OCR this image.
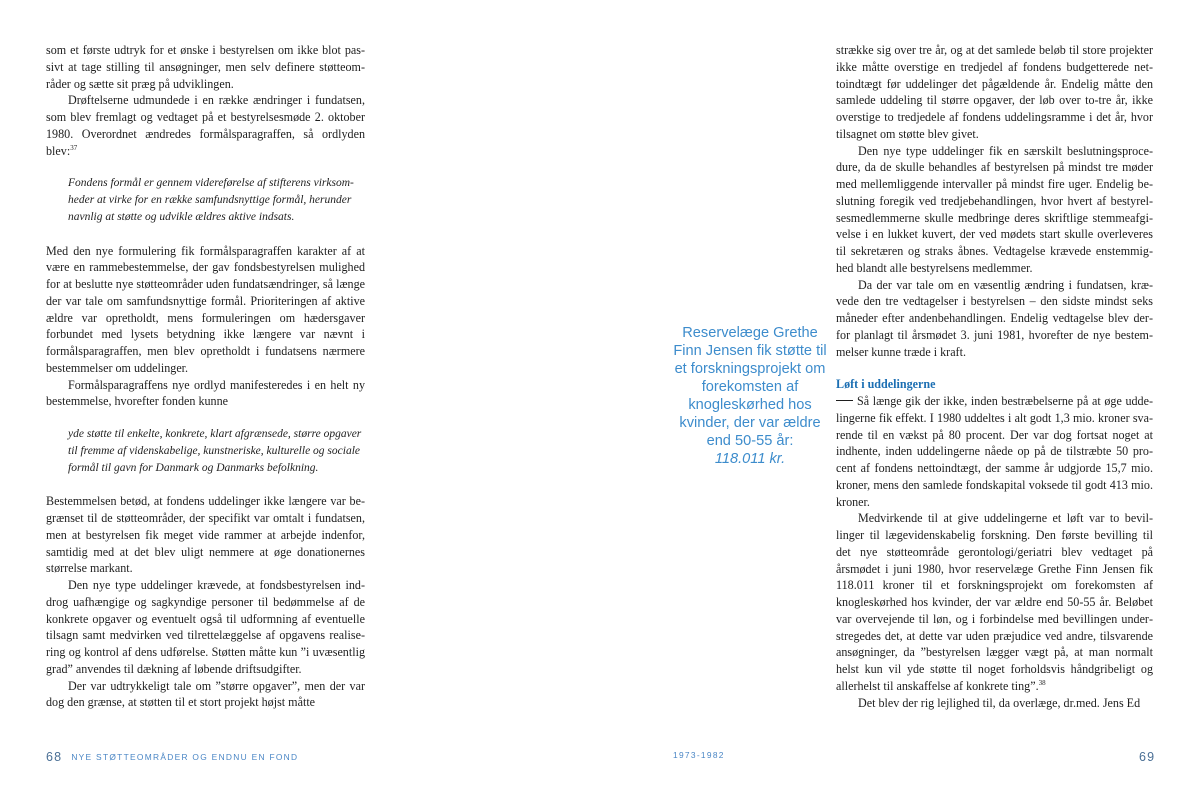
som et første udtryk for et ønske i bestyrelsen om ikke blot passivt at tage stilling til ansøgninger, men selv definere støtteområder og sætte sit præg på udviklingen.

Drøftelserne udmundede i en række ændringer i fundatsen, som blev fremlagt og vedtaget på et bestyrelsesmøde 2. oktober 1980. Overordnet ændredes formålsparagraffen, så ordlyden blev:$^{37}$

Fondens formål er gennem videreførelse af stifterens virksomheder at virke for en række samfundsnyttige formål, herunder navnlig at støtte og udvikle ældres aktive indsats.

Med den nye formulering fik formålsparagraffen karakter af at være en rammebestemmelse, der gav fondsbestyrelsen mulighed for at beslutte nye støtteområder uden fundatsændringer, så længe der var tale om samfundsnyttige formål. Prioriteringen af aktive ældre var opretholdt, mens formuleringen om hædersgaver forbundet med lysets betydning ikke længere var nævnt i formålsparagraffen, men blev opretholdt i fundatsens nærmere bestemmelser om uddelinger.

Formålsparagraffens nye ordlyd manifesteredes i en helt ny bestemmelse, hvorefter fonden kunne

yde støtte til enkelte, konkrete, klart afgrænsede, større opgaver til fremme af videnskabelige, kunstneriske, kulturelle og sociale formål til gavn for Danmark og Danmarks befolkning.

Bestemmelsen betød, at fondens uddelinger ikke længere var begrænset til de støtteområder, der specifikt var omtalt i fundatsen, men at bestyrelsen fik meget vide rammer at arbejde indenfor, samtidig med at det blev uligt nemmere at øge donationernes størrelse markant.

Den nye type uddelinger krævede, at fondsbestyrelsen inddrog uafhængige og sagkyndige personer til bedømmelse af de konkrete opgaver og eventuelt også til udformning af eventuelle tilsagn samt medvirken ved tilrettelæggelse af opgavens realisering og kontrol af dens udførelse. Støtten måtte kun ”i uvæsentlig grad” anvendes til dækning af løbende driftsudgifter.

Der var udtrykkeligt tale om ”større opgaver”, men der var dog den grænse, at støtten til et stort projekt højst måtte

Reservelæge Grethe Finn Jensen fik støtte til et forskningsprojekt om forekomsten af knogleskørhed hos kvinder, der var ældre end 50-55 år:
118.011 kr.

strække sig over tre år, og at det samlede beløb til store projekter ikke måtte overstige en tredjedel af fondens budgetterede nettoindtægt før uddelinger det pågældende år. Endelig måtte den samlede uddeling til større opgaver, der løb over to-tre år, ikke overstige to tredjedele af fondens uddelingsramme i det år, hvor tilsagnet om støtte blev givet.

Den nye type uddelinger fik en særskilt beslutningsprocedure, da de skulle behandles af bestyrelsen på mindst tre møder med mellemliggende intervaller på mindst fire uger. Endelig beslutning foregik ved tredjebehandlingen, hvor hvert af bestyrelsesmedlemmerne skulle medbringe deres skriftlige stemmeafgivelse i en lukket kuvert, der ved mødets start skulle overleveres til sekretæren og straks åbnes. Vedtagelse krævede enstemmighed blandt alle bestyrelsens medlemmer.

Da der var tale om en væsentlig ændring i fundatsen, krævede den tre vedtagelser i bestyrelsen – den sidste mindst seks måneder efter andenbehandlingen. Endelig vedtagelse blev derfor planlagt til årsmødet 3. juni 1981, hvorefter de nye bestemmelser kunne træde i kraft.

Løft i uddelingerne

Så længe gik der ikke, inden bestræbelserne på at øge uddelingerne fik effekt. I 1980 uddeltes i alt godt 1,3 mio. kroner svarende til en vækst på 80 procent. Der var dog fortsat noget at indhente, inden uddelingerne nåede op på de tilstræbte 50 procent af fondens nettoindtægt, der samme år udgjorde 15,7 mio. kroner, mens den samlede fondskapital voksede til godt 413 mio. kroner.

Medvirkende til at give uddelingerne et løft var to bevillinger til lægevidenskabelig forskning. Den første bevilling til det nye støtteområde gerontologi/geriatri blev vedtaget på årsmødet i juni 1980, hvor reservelæge Grethe Finn Jensen fik 118.011 kroner til et forskningsprojekt om forekomsten af knogleskørhed hos kvinder, der var ældre end 50-55 år. Beløbet var overvejende til løn, og i forbindelse med bevillingen understregedes det, at dette var uden præjudice ved andre, tilsvarende ansøgninger, da ”bestyrelsen lægger vægt på, at man normalt helst kun vil yde støtte til noget forholdsvis håndgribeligt og allerhelst til anskaffelse af konkrete ting”.$^{38}$

Det blev der rig lejlighed til, da overlæge, dr.med. Jens Ed

68 NYE STØTTEOMRÅDER OG ENDNU EN FOND	1973-1982	69
